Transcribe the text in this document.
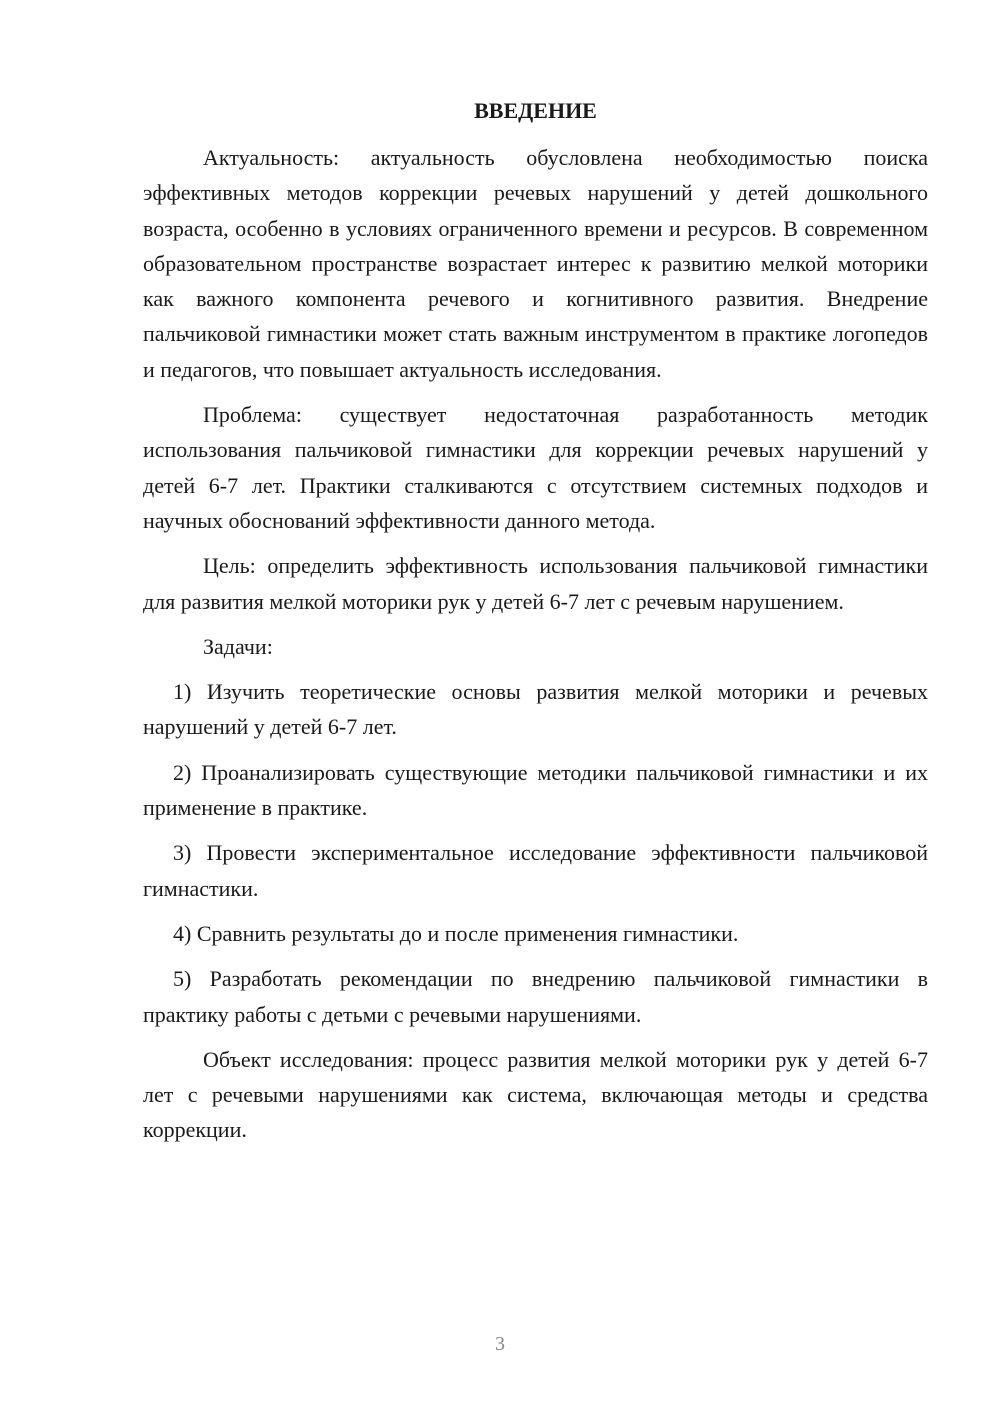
ВВЕДЕНИЕ

Актуальность: актуальность обусловлена необходимостью поиска эффективных методов коррекции речевых нарушений у детей дошкольного возраста, особенно в условиях ограниченного времени и ресурсов. В современном образовательном пространстве возрастает интерес к развитию мелкой моторики как важного компонента речевого и когнитивного развития. Внедрение пальчиковой гимнастики может стать важным инструментом в практике логопедов и педагогов, что повышает актуальность исследования.

Проблема: существует недостаточная разработанность методик использования пальчиковой гимнастики для коррекции речевых нарушений у детей 6-7 лет. Практики сталкиваются с отсутствием системных подходов и научных обоснований эффективности данного метода.

Цель: определить эффективность использования пальчиковой гимнастики для развития мелкой моторики рук у детей 6-7 лет с речевым нарушением.

Задачи:

1) Изучить теоретические основы развития мелкой моторики и речевых нарушений у детей 6-7 лет.

2) Проанализировать существующие методики пальчиковой гимнастики и их применение в практике.

3) Провести экспериментальное исследование эффективности пальчиковой гимнастики.

4) Сравнить результаты до и после применения гимнастики.

5) Разработать рекомендации по внедрению пальчиковой гимнастики в практику работы с детьми с речевыми нарушениями.

Объект исследования: процесс развития мелкой моторики рук у детей 6-7 лет с речевыми нарушениями как система, включающая методы и средства коррекции.

3
